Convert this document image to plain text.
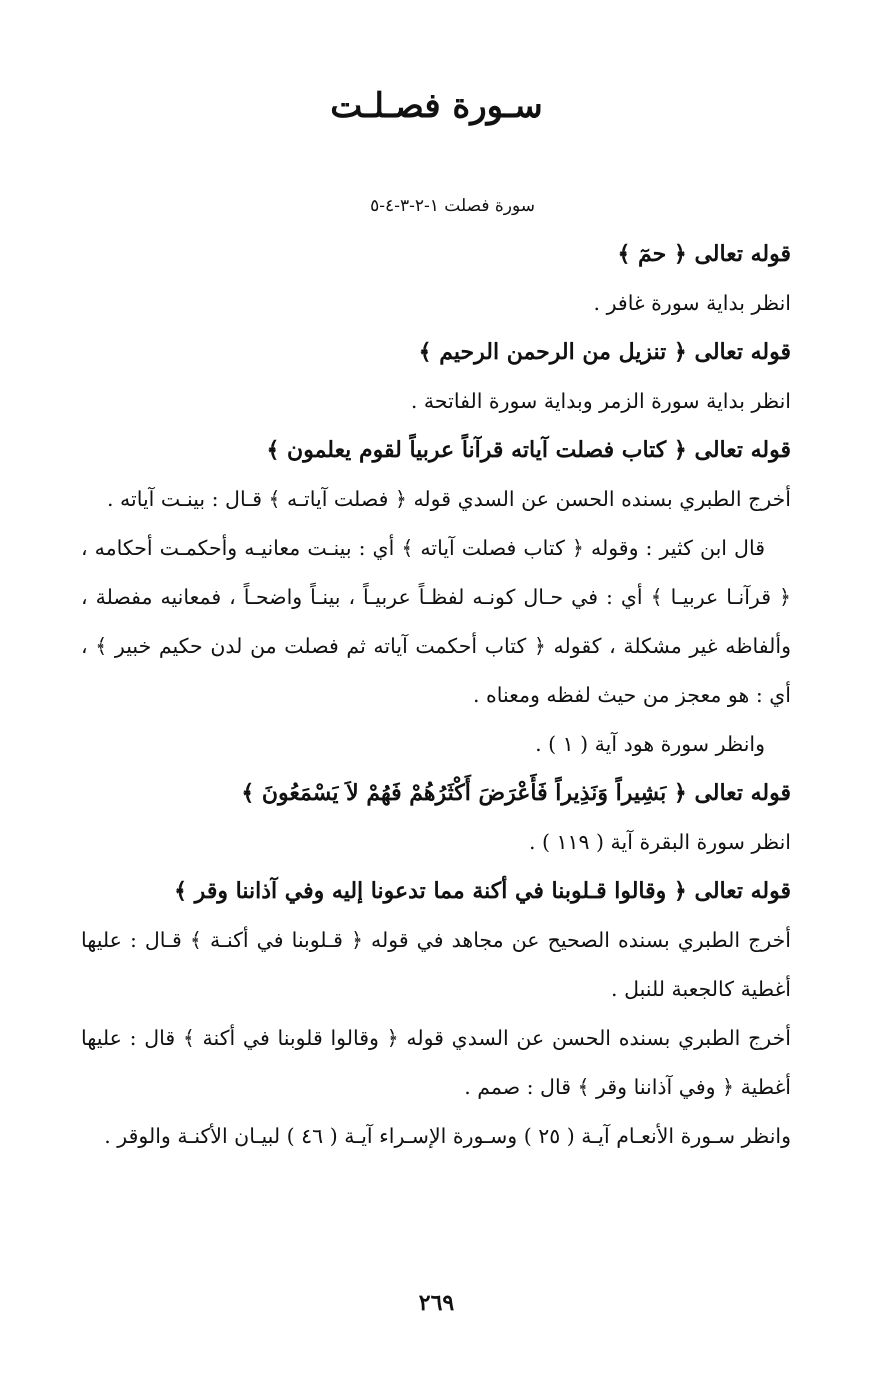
سـورة فصـلـت
سورة فصلت ١-٢-٣-٤-٥

قوله تعالى ﴿ حمٓ ﴾

انظر بداية سورة غافر .

قوله تعالى ﴿ تنزيل من الرحمن الرحيم ﴾

انظر بداية سورة الزمر وبداية سورة الفاتحة .

قوله تعالى ﴿ كتاب فصلت آياته قرآناً عربياً لقوم يعلمون ﴾

أخرج الطبري بسنده الحسن عن السدي قوله ﴿ فصلت آياتـه ﴾ قـال : بينـت آياته .

قال ابن كثير : وقوله ﴿ كتاب فصلت آياته ﴾ أي : بينـت معانيـه وأحكمـت أحكامه ، ﴿ قرآنـا عربيـا ﴾ أي : في حـال كونـه لفظـاً عربيـاً ، بينـاً واضحـاً ، فمعانيه مفصلة ، وألفاظه غير مشكلة ، كقوله ﴿ كتاب أحكمت آياته ثم فصلت من لدن حكيم خبير ﴾ ، أي : هو معجز من حيث لفظه ومعناه .

وانظر سورة هود آية ( ١ ) .

قوله تعالى ﴿ بَشِيراً وَنَذِيراً فَأَعْرَضَ أَكْثَرُهُمْ فَهُمْ لاَ يَسْمَعُونَ ﴾

انظر سورة البقرة آية ( ١١٩ ) .

قوله تعالى ﴿ وقالوا قـلوبنا في أكنة مما تدعونا إليه وفي آذاننا وقر ﴾

أخرج الطبري بسنده الصحيح عن مجاهد في قوله ﴿ قـلوبنا في أكنـة ﴾ قـال : عليها أغطية كالجعبة للنبل .

أخرج الطبري بسنده الحسن عن السدي قوله ﴿ وقالوا قلوبنا في أكنة ﴾ قال : عليها أغطية ﴿ وفي آذاننا وقر ﴾ قال : صمم .

وانظر سـورة الأنعـام آيـة ( ٢٥ ) وسـورة الإسـراء آيـة ( ٤٦ ) لبيـان الأكنـة والوقر .

٢٦٩
